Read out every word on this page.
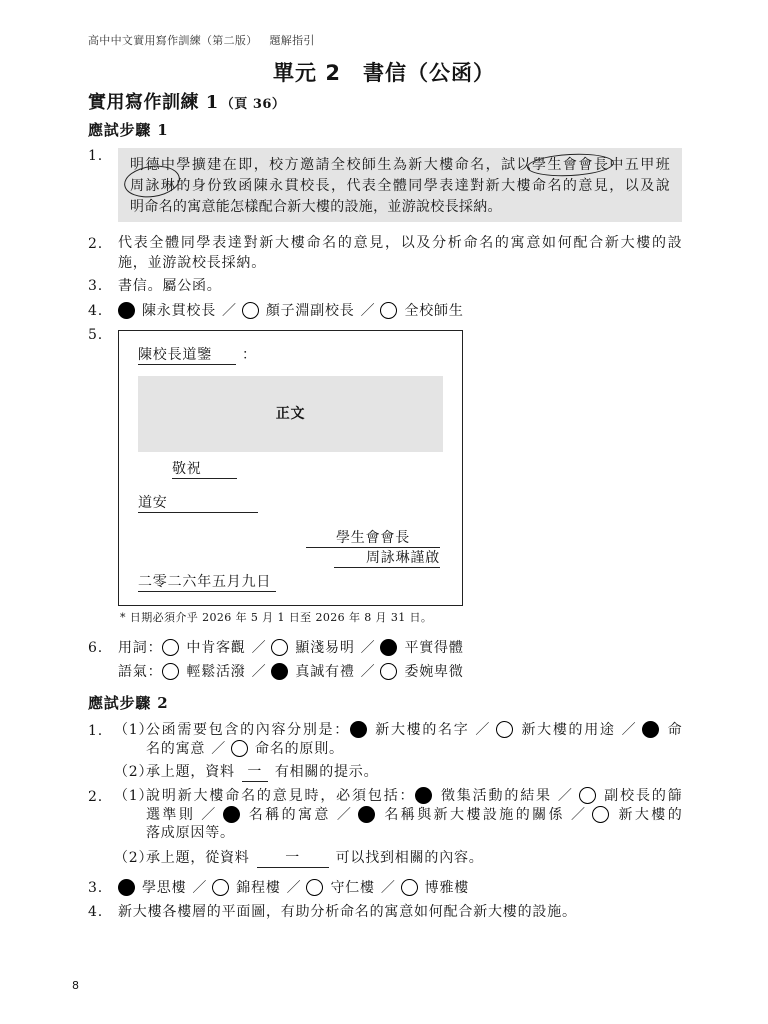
高中中文實用寫作訓練（第二版） 題解指引
單元 2　書信（公函）
實用寫作訓練 1 （頁 36）
應試步驟 1
1.
明德中學擴建在即，校方邀請全校師生為新大樓命名，試以學生會會長中五甲班
周詠琳的身份致函陳永貫校長，代表全體同學表達對新大樓命名的意見，以及說
明命名的寓意能怎樣配合新大樓的設施，並游說校長採納。
2. 代表全體同學表達對新大樓命名的意見，以及分析命名的寓意如何配合新大樓的設
施，並游說校長採納。
3. 書信。屬公函。
4.	陳永貫校長 ／ 顏子淵副校長 ／ 全校師生
5.
陳校長道鑒 ：
正文
敬祝
道安
學生會會長
周詠琳謹啟
二零二六年五月九日
* 日期必須介乎 2026 年 5 月 1 日至 2026 年 8 月 31 日。
6. 用詞： 中肯客觀 ／ 顯淺易明 ／ 平實得體
語氣： 輕鬆活潑 ／ 真誠有禮 ／ 委婉卑微
應試步驟 2
1. （1）
公函需要包含的內容分別是： 新大樓的名字 ／ 新大樓的用途 ／ 命
名的寓意 ／ 命名的原則。
（2）
承上題，資料 一 有相關的提示。
2. （1）
說明新大樓命名的意見時，必須包括： 徵集活動的結果 ／ 副校長的篩
選準則 ／ 名稱的寓意 ／ 名稱與新大樓設施的關係 ／ 新大樓的
落成原因等。
（2）
承上題，從資料	一	可以找到相關的內容。
3.	學思樓 ／ 錦程樓 ／ 守仁樓 ／ 博雅樓
4. 新大樓各樓層的平面圖，有助分析命名的寓意如何配合新大樓的設施。
8
